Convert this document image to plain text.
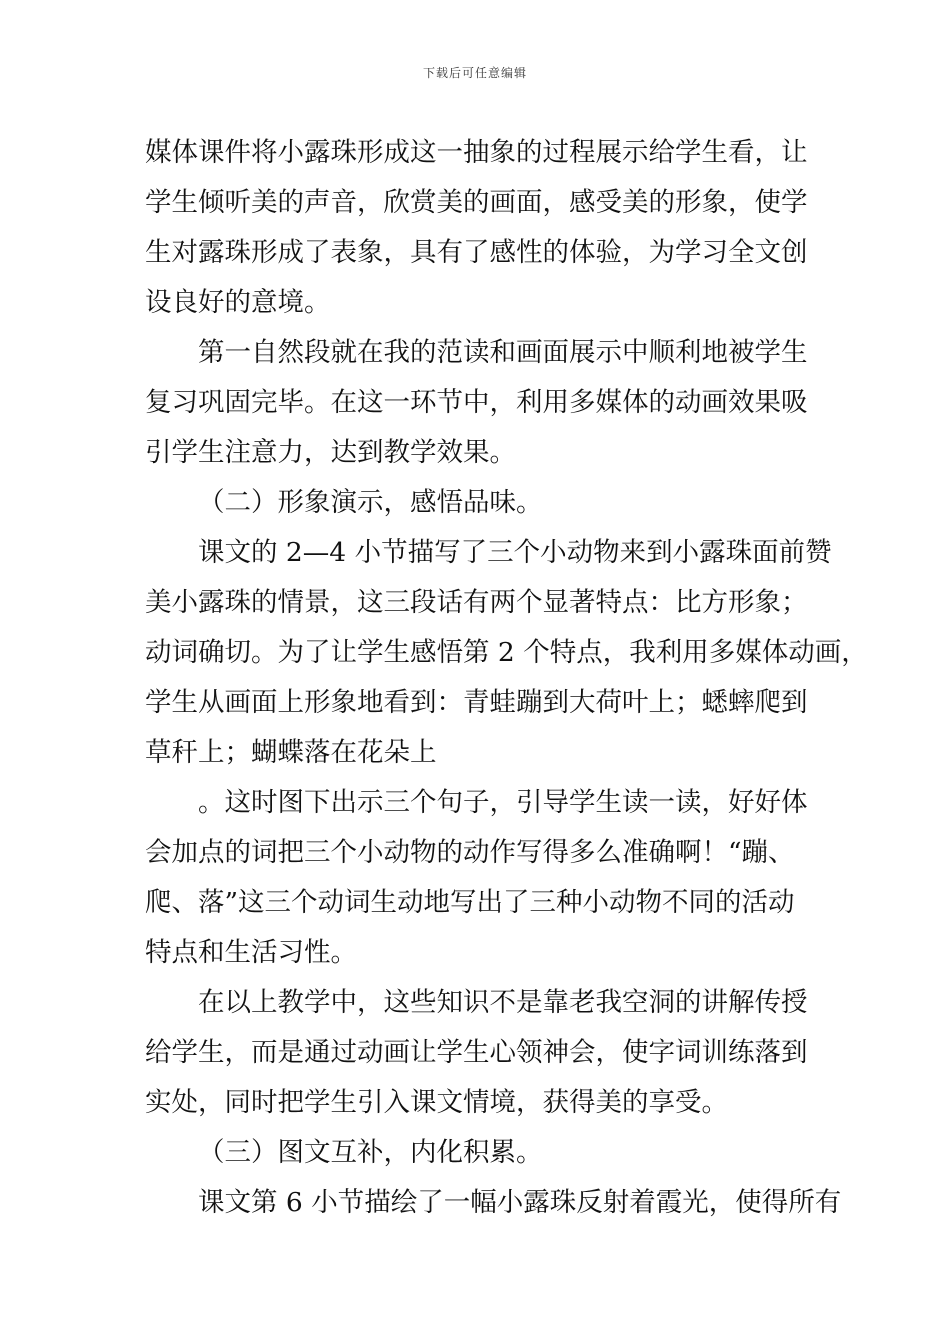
下载后可任意编辑
媒体课件将小露珠形成这一抽象的过程展示给学生看，让
学生倾听美的声音，欣赏美的画面，感受美的形象，使学
生对露珠形成了表象，具有了感性的体验，为学习全文创
设良好的意境。
第一自然段就在我的范读和画面展示中顺利地被学生
复习巩固完毕。在这一环节中，利用多媒体的动画效果吸
引学生注意力，达到教学效果。
（二）形象演示，感悟品味。
课文的 2—4 小节描写了三个小动物来到小露珠面前赞
美小露珠的情景，这三段话有两个显著特点：比方形象；
动词确切。为了让学生感悟第 2 个特点，我利用多媒体动画，
学生从画面上形象地看到：青蛙蹦到大荷叶上；蟋蟀爬到
草秆上；蝴蝶落在花朵上
。这时图下出示三个句子，引导学生读一读，好好体
会加点的词把三个小动物的动作写得多么准确啊！“蹦、
爬、落”这三个动词生动地写出了三种小动物不同的活动
特点和生活习性。
在以上教学中，这些知识不是靠老我空洞的讲解传授
给学生，而是通过动画让学生心领神会，使字词训练落到
实处，同时把学生引入课文情境，获得美的享受。
（三）图文互补，内化积累。
课文第 6 小节描绘了一幅小露珠反射着霞光，使得所有
